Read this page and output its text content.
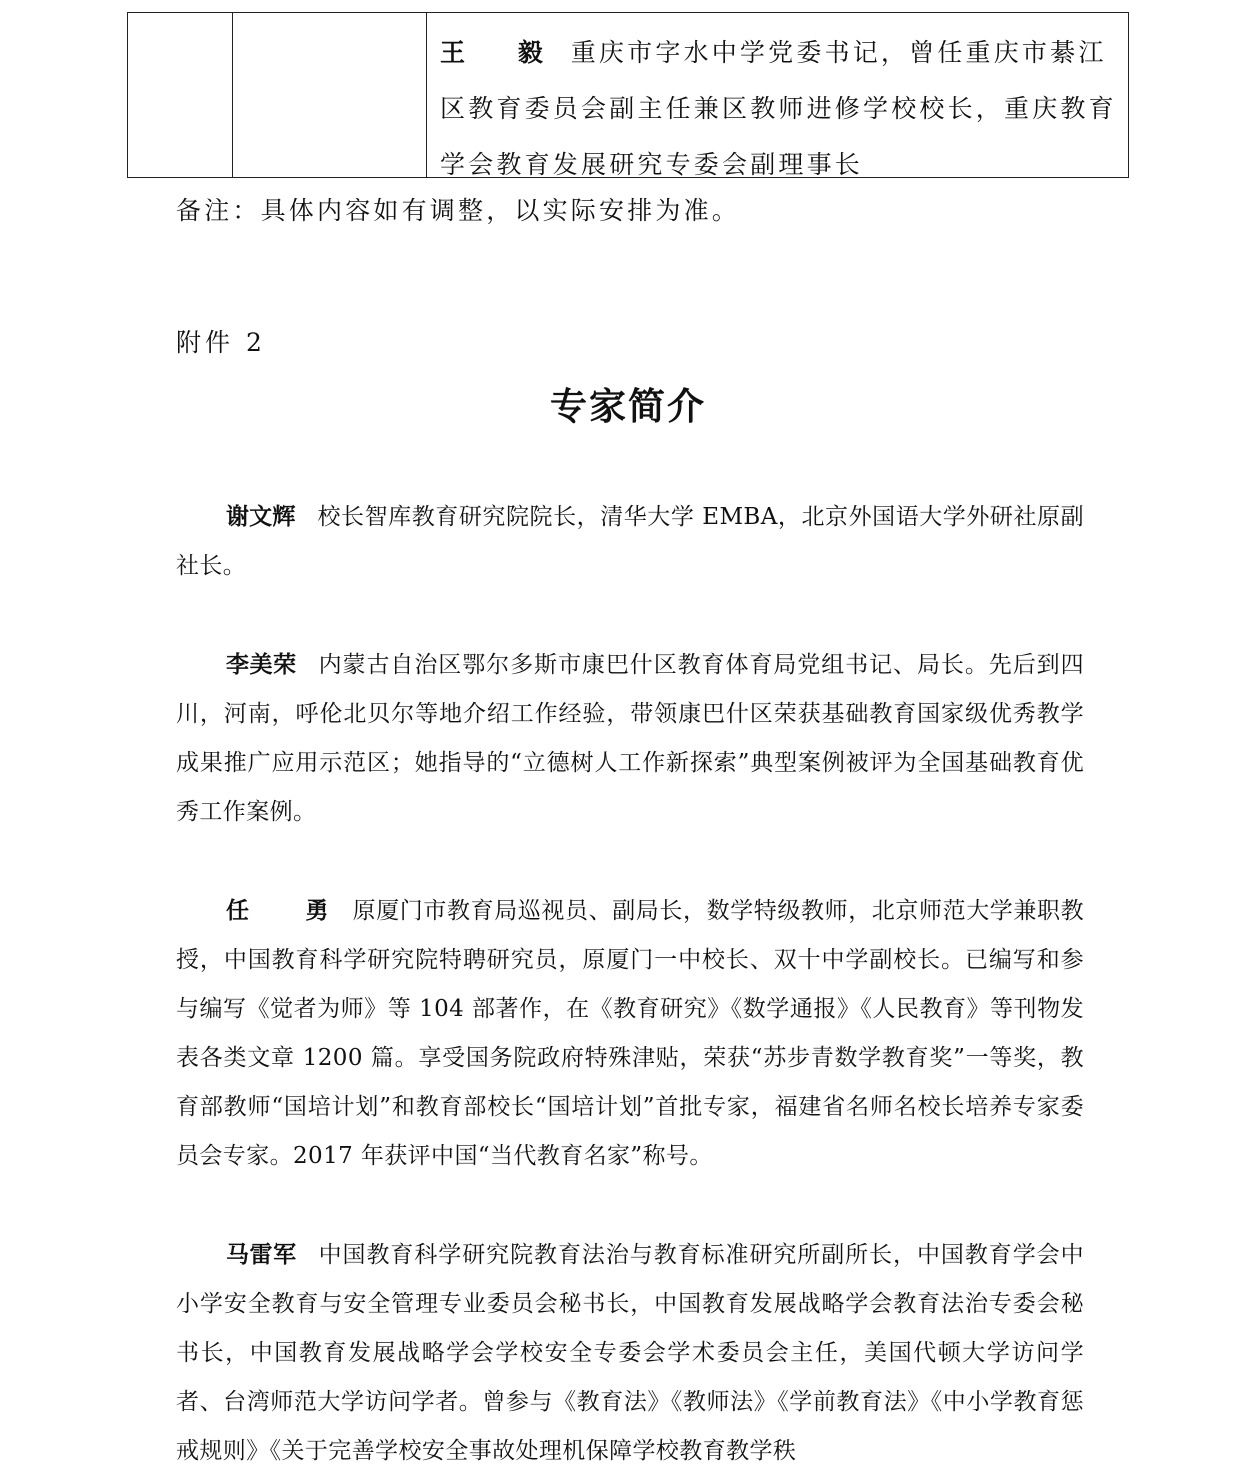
王 毅 重庆市字水中学党委书记，曾任重庆市綦江区教育委员会副主任兼区教师进修学校校长，重庆教育学会教育发展研究专委会副理事长
备注：具体内容如有调整，以实际安排为准。
附件 2
专家简介
谢文辉 校长智库教育研究院院长，清华大学 EMBA，北京外国语大学外研社原副社长。
李美荣 内蒙古自治区鄂尔多斯市康巴什区教育体育局党组书记、局长。先后到四川，河南，呼伦北贝尔等地介绍工作经验，带领康巴什区荣获基础教育国家级优秀教学成果推广应用示范区；她指导的“立德树人工作新探索”典型案例被评为全国基础教育优秀工作案例。
任 勇原厦门市教育局巡视员、副局长，数学特级教师，北京师范大学兼职教授，中国教育科学研究院特聘研究员，原厦门一中校长、双十中学副校长。已编写和参与编写《觉者为师》等 104 部著作，在《教育研究》《数学通报》《人民教育》等刊物发表各类文章 1200 篇。享受国务院政府特殊津贴，荣获“苏步青数学教育奖”一等奖，教育部教师“国培计划”和教育部校长“国培计划”首批专家，福建省名师名校长培养专家委员会专家。2017 年获评中国“当代教育名家”称号。
马雷军 中国教育科学研究院教育法治与教育标准研究所副所长，中国教育学会中小学安全教育与安全管理专业委员会秘书长，中国教育发展战略学会教育法治专委会秘书长，中国教育发展战略学会学校安全专委会学术委员会主任，美国代顿大学访问学者、台湾师范大学访问学者。曾参与《教育法》《教师法》《学前教育法》《中小学教育惩戒规则》《关于完善学校安全事故处理机保障学校教育教学秩
